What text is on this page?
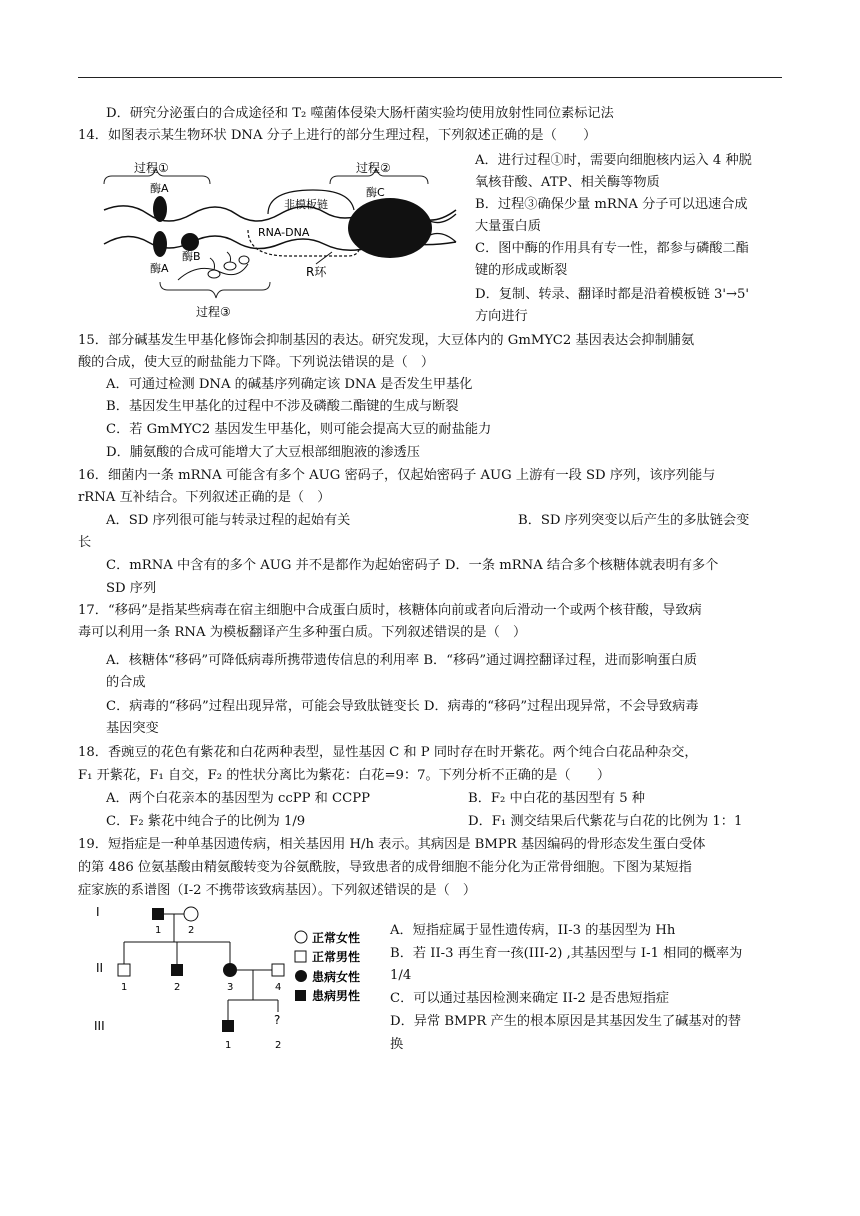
D．研究分泌蛋白的合成途径和 T₂ 噬菌体侵染大肠杆菌实验均使用放射性同位素标记法
14．如图表示某生物环状 DNA 分子上进行的部分生理过程，下列叙述正确的是（　　）
过程①	过程②
过程③
酶A
酶A
酶B
非模板链
RNA-DNA
酶C
R环
A．进行过程①时，需要向细胞核内运入 4 种脱
氧核苷酸、ATP、相关酶等物质
B．过程③确保少量 mRNA 分子可以迅速合成
大量蛋白质
C．图中酶的作用具有专一性，都参与磷酸二酯
键的形成或断裂
D．复制、转录、翻译时都是沿着模板链 3'→5'
方向进行
15．部分碱基发生甲基化修饰会抑制基因的表达。研究发现，大豆体内的 GmMYC2 基因表达会抑制脯氨
酸的合成，使大豆的耐盐能力下降。下列说法错误的是（　）
A．可通过检测 DNA 的碱基序列确定该 DNA 是否发生甲基化
B．基因发生甲基化的过程中不涉及磷酸二酯键的生成与断裂
C．若 GmMYC2 基因发生甲基化，则可能会提高大豆的耐盐能力
D．脯氨酸的合成可能增大了大豆根部细胞液的渗透压
16．细菌内一条 mRNA 可能含有多个 AUG 密码子，仅起始密码子 AUG 上游有一段 SD 序列，该序列能与
rRNA 互补结合。下列叙述正确的是（　）
A．SD 序列很可能与转录过程的起始有关	B．SD 序列突变以后产生的多肽链会变
长
C．mRNA 中含有的多个 AUG 并不是都作为起始密码子 D．一条 mRNA 结合多个核糖体就表明有多个
SD 序列
17．“移码”是指某些病毒在宿主细胞中合成蛋白质时，核糖体向前或者向后滑动一个或两个核苷酸，导致病
毒可以利用一条 RNA 为模板翻译产生多种蛋白质。下列叙述错误的是（　）
A．核糖体“移码”可降低病毒所携带遗传信息的利用率 B．“移码”通过调控翻译过程，进而影响蛋白质
的合成
C．病毒的“移码”过程出现异常，可能会导致肽链变长 D．病毒的“移码”过程出现异常，不会导致病毒
基因突变
18．香豌豆的花色有紫花和白花两种表型，显性基因 C 和 P 同时存在时开紫花。两个纯合白花品种杂交，
F₁ 开紫花，F₁ 自交，F₂ 的性状分离比为紫花：白花=9：7。下列分析不正确的是（　　）
A．两个白花亲本的基因型为 ccPP 和 CCPP	B．F₂ 中白花的基因型有 5 种
C．F₂ 紫花中纯合子的比例为 1/9	D．F₁ 测交结果后代紫花与白花的比例为 1：1
19．短指症是一种单基因遗传病，相关基因用 H/h 表示。其病因是 BMPR 基因编码的骨形态发生蛋白受体
的第 486 位氨基酸由精氨酸转变为谷氨酰胺，导致患者的成骨细胞不能分化为正常骨细胞。下图为某短指
症家族的系谱图（I-2 不携带该致病基因）。下列叙述错误的是（　）
I
II
III
1	2
1	2	3	4
?
1	2
正常女性
正常男性
患病女性
患病男性
A．短指症属于显性遗传病，II-3 的基因型为 Hh
B．若 II-3 再生育一孩(III-2) ,其基因型与 I-1 相同的概率为
1/4
C．可以通过基因检测来确定 II-2 是否患短指症
D．异常 BMPR 产生的根本原因是其基因发生了碱基对的替
换
